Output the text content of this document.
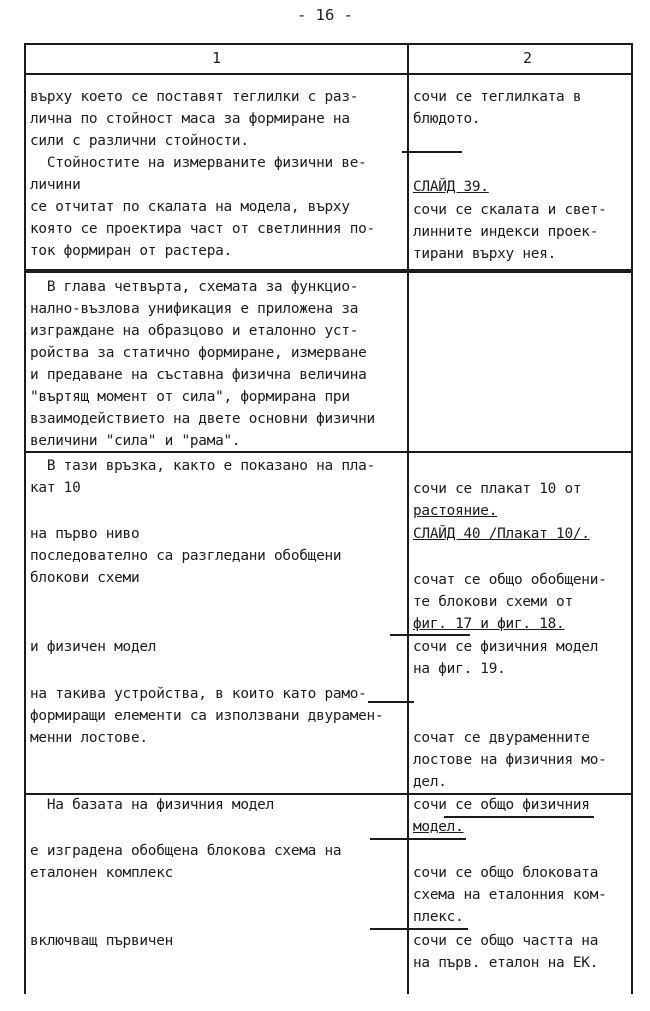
- 16 -
1	2
върху което се поставят теглилки с раз-
лична по стойност маса за формиране на
сили с различни стойности.
Стойностите на измерваните физични ве-
личини
се отчитат по скалата на модела, върху
която се проектира част от светлинния по-
ток формиран от растера.
В глава четвърта, схемата за функцио-
нално-възлова унификация е приложена за
изграждане на образцово и еталонно уст-
ройства за статично формиране, измерване
и предаване на съставна физична величина
"въртящ момент от сила", формирана при
взаимодействието на двете основни физични
величини "сила" и "рама".
В тази връзка, както е показано на пла-
кат 10
на първо ниво
последователно са разгледани обобщени
блокови схеми
и физичен модел
на такива устройства, в които като рамо-
формиращи елементи са използвани двурамен-
менни лостове.
На базата на физичния модел
е изградена обобщена блокова схема на
еталонен комплекс
включващ първичен
сочи се теглилката в
блюдото.
СЛАЙД 39.
сочи се скалата и свет-
линните индекси проек-
тирани върху нея.
сочи се плакат 10 от
растояние.
СЛАЙД 40 /Плакат 10/.
сочат се общо обобщени-
те блокови схеми от
фиг. 17 и фиг. 18.
сочи се физичния модел
на фиг. 19.
сочат се двураменните
лостове на физичния мо-
дел.
сочи се общо физичния
модел.
сочи се общо блоковата
схема на еталонния ком-
плекс.
сочи се общо частта на
на първ. еталон на ЕК.
